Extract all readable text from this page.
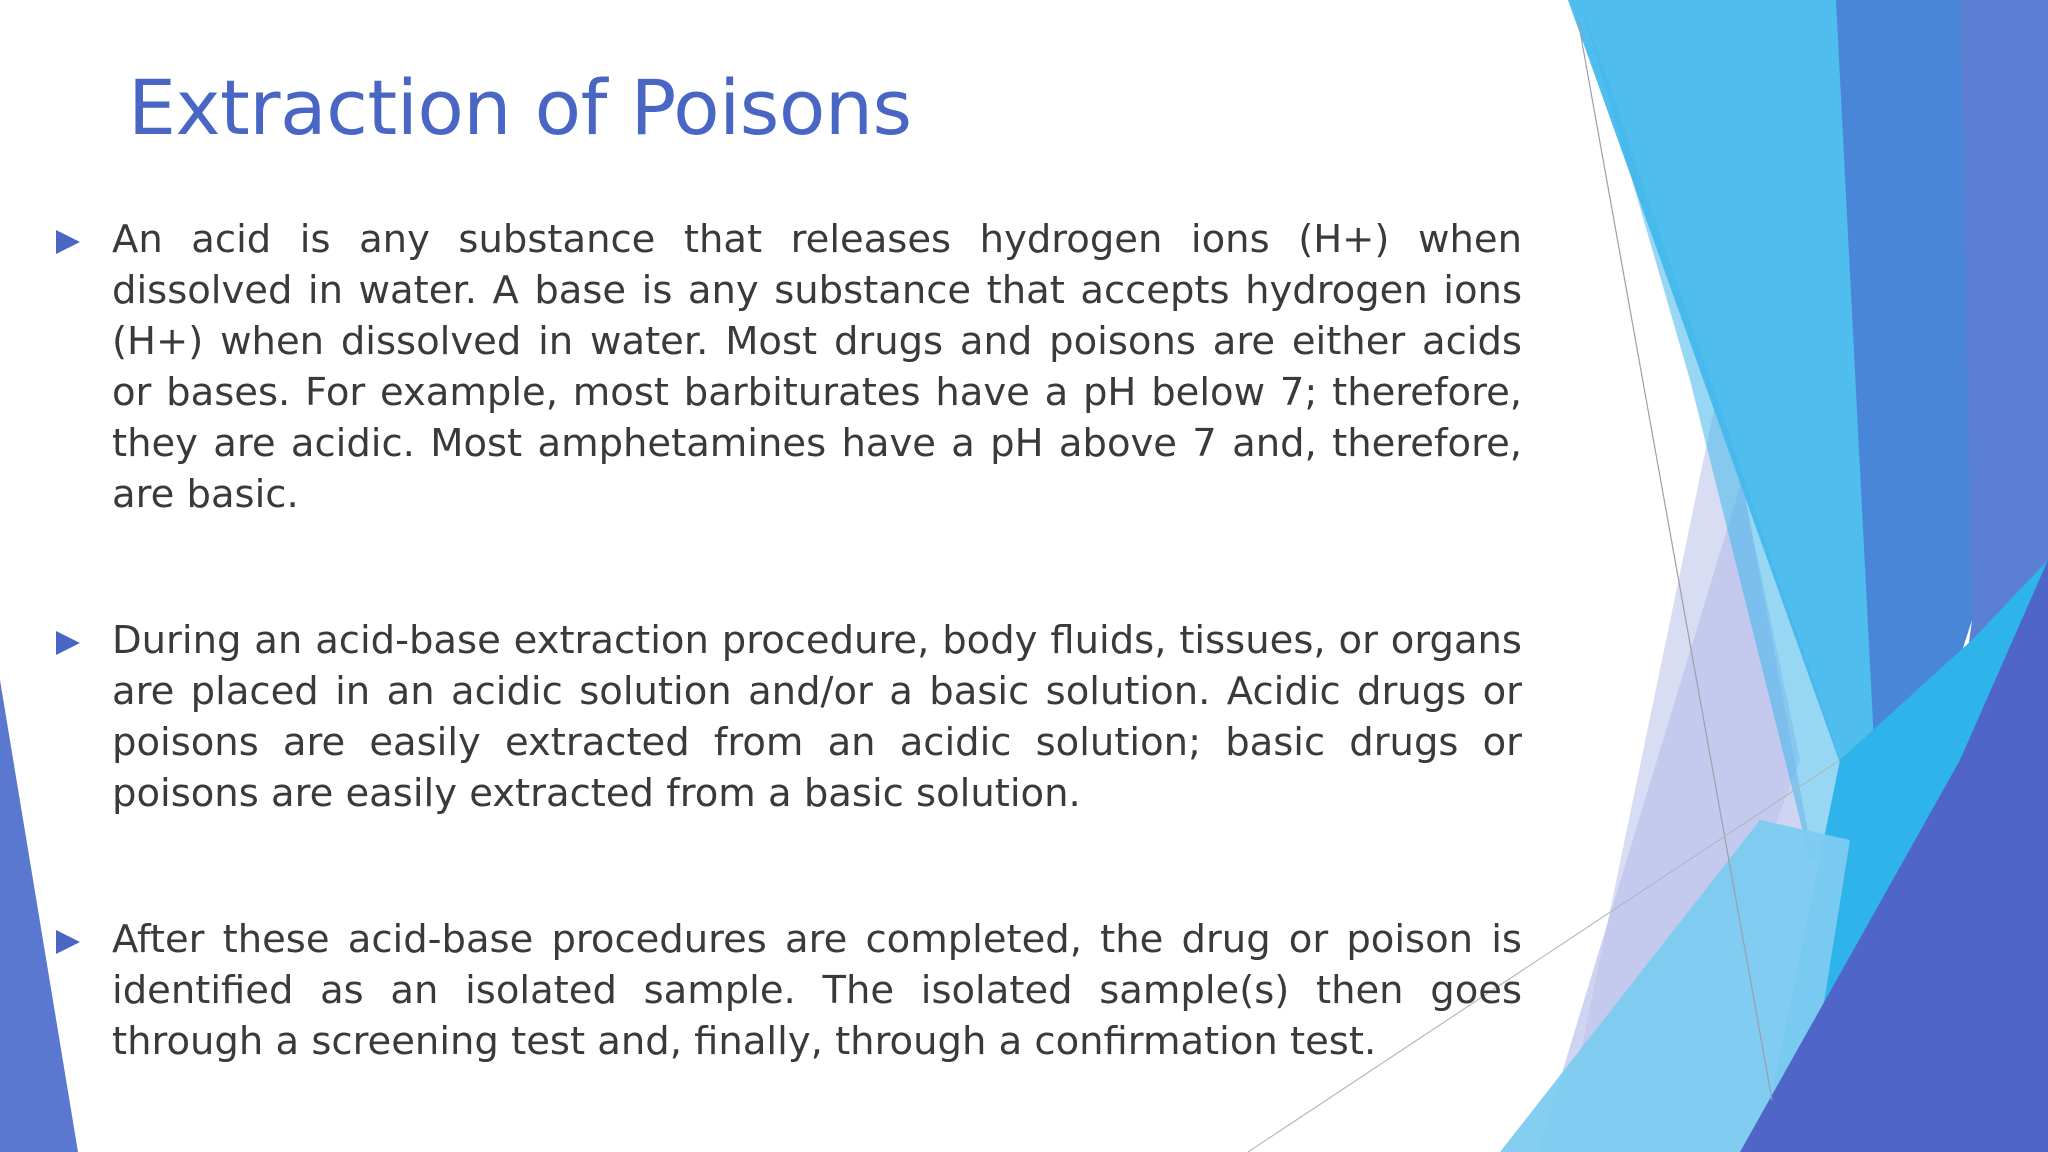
Extraction of Poisons

An acid is any substance that releases hydrogen ions (H+) when dissolved in water. A base is any substance that accepts hydrogen ions (H+) when dissolved in water. Most drugs and poisons are either acids or bases. For example, most barbiturates have a pH below 7; therefore, they are acidic. Most amphetamines have a pH above 7 and, therefore, are basic.

During an acid-base extraction procedure, body fluids, tissues, or organs are placed in an acidic solution and/or a basic solution. Acidic drugs or poisons are easily extracted from an acidic solution; basic drugs or poisons are easily extracted from a basic solution.

After these acid-base procedures are completed, the drug or poison is identified as an isolated sample. The isolated sample(s) then goes through a screening test and, finally, through a confirmation test.
